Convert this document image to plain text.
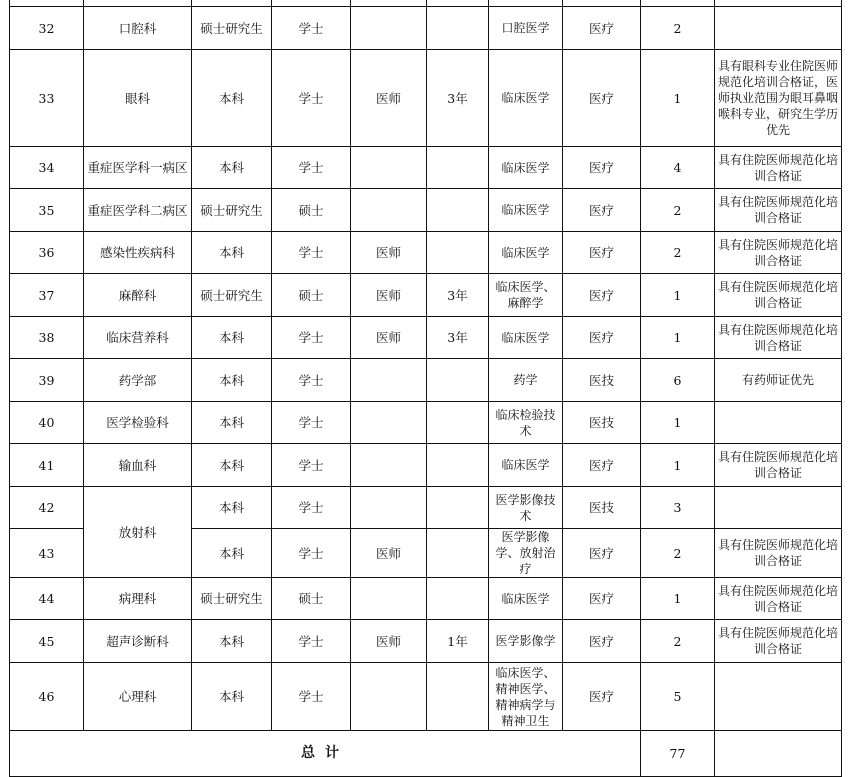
32	口腔科	硕士研究生	学士			口腔医学	医疗	2	
33	眼科	本科	学士	医师	3年	临床医学	医疗	1	具有眼科专业住院医师规范化培训合格证，医师执业范围为眼耳鼻咽喉科专业，研究生学历优先
34	重症医学科一病区	本科	学士			临床医学	医疗	4	具有住院医师规范化培训合格证
35	重症医学科二病区	硕士研究生	硕士			临床医学	医疗	2	具有住院医师规范化培训合格证
36	感染性疾病科	本科	学士	医师		临床医学	医疗	2	具有住院医师规范化培训合格证
37	麻醉科	硕士研究生	硕士	医师	3年	临床医学、麻醉学	医疗	1	具有住院医师规范化培训合格证
38	临床营养科	本科	学士	医师	3年	临床医学	医疗	1	具有住院医师规范化培训合格证
39	药学部	本科	学士			药学	医技	6	有药师证优先
40	医学检验科	本科	学士			临床检验技术	医技	1	
41	输血科	本科	学士			临床医学	医疗	1	具有住院医师规范化培训合格证
42	放射科	本科	学士			医学影像技术	医技	3	
43		本科	学士	医师		医学影像学、放射治疗	医疗	2	具有住院医师规范化培训合格证
44	病理科	硕士研究生	硕士			临床医学	医疗	1	具有住院医师规范化培训合格证
45	超声诊断科	本科	学士	医师	1年	医学影像学	医疗	2	具有住院医师规范化培训合格证
46	心理科	本科	学士			临床医学、精神医学、精神病学与精神卫生	医疗	5	
总计								77	
